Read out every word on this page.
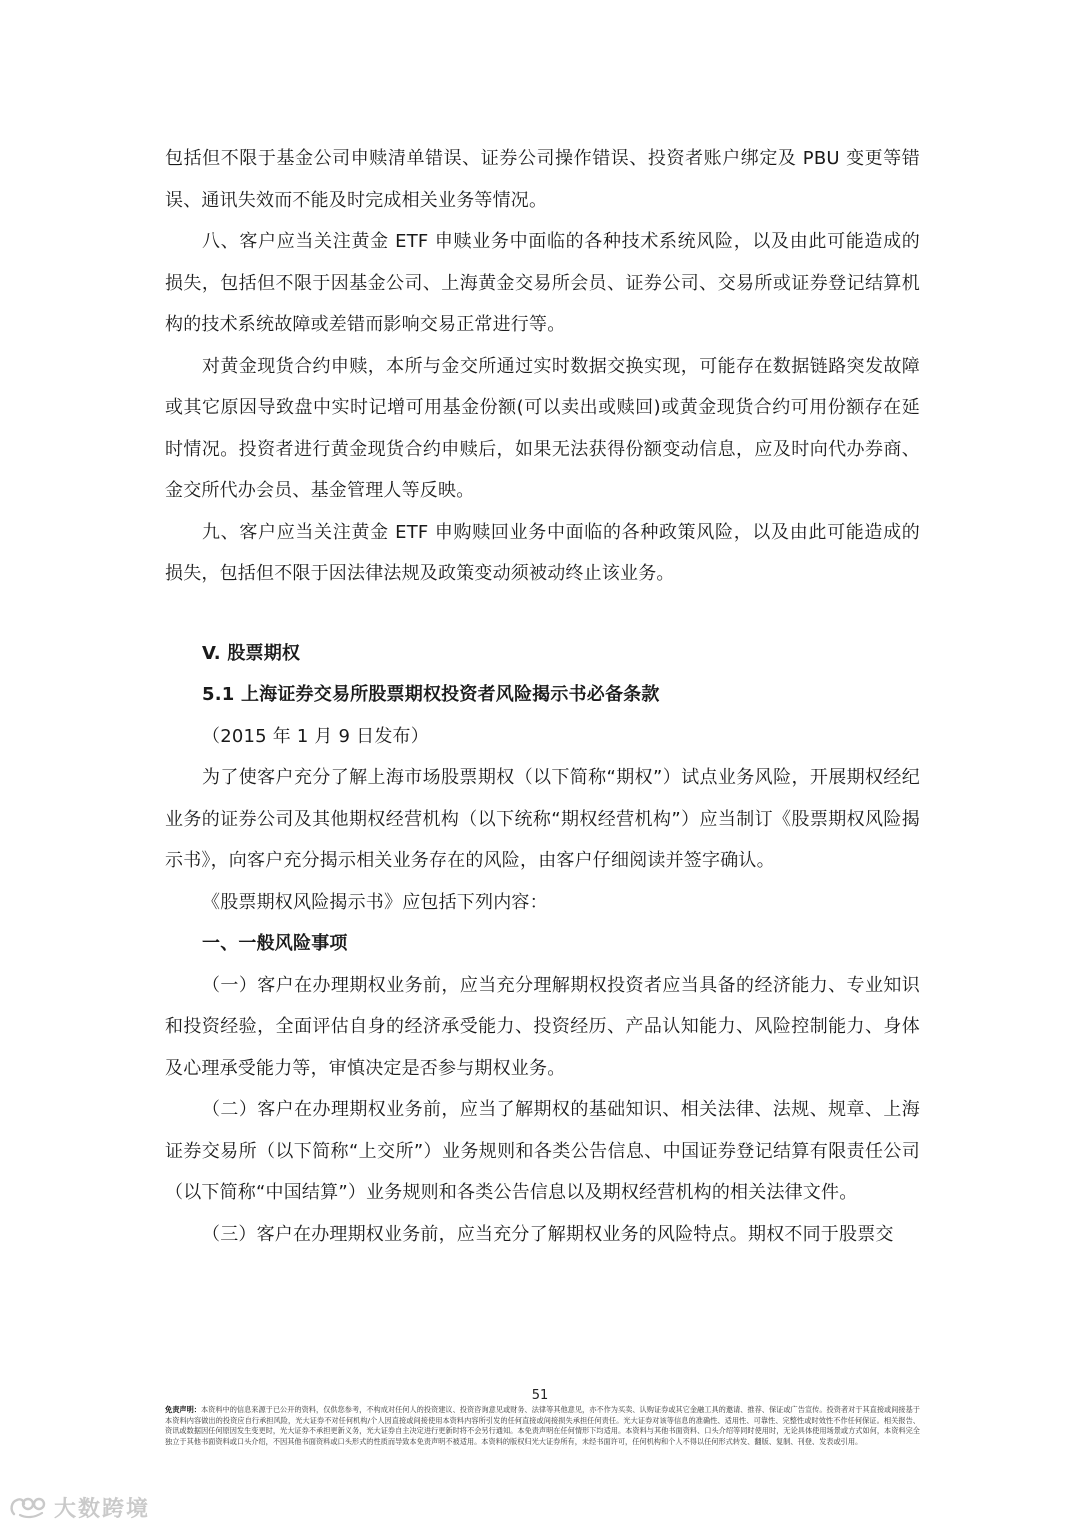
包括但不限于基金公司申赎清单错误、证券公司操作错误、投资者账户绑定及 PBU 变更等错误、通讯失效而不能及时完成相关业务等情况。

八、客户应当关注黄金 ETF 申赎业务中面临的各种技术系统风险，以及由此可能造成的损失，包括但不限于因基金公司、上海黄金交易所会员、证券公司、交易所或证券登记结算机构的技术系统故障或差错而影响交易正常进行等。

对黄金现货合约申赎，本所与金交所通过实时数据交换实现，可能存在数据链路突发故障或其它原因导致盘中实时记增可用基金份额(可以卖出或赎回)或黄金现货合约可用份额存在延时情况。投资者进行黄金现货合约申赎后，如果无法获得份额变动信息，应及时向代办券商、金交所代办会员、基金管理人等反映。

九、客户应当关注黄金 ETF 申购赎回业务中面临的各种政策风险，以及由此可能造成的损失，包括但不限于因法律法规及政策变动须被动终止该业务。

V. 股票期权

5.1 上海证券交易所股票期权投资者风险揭示书必备条款

（2015 年 1 月 9 日发布）

为了使客户充分了解上海市场股票期权（以下简称“期权”）试点业务风险，开展期权经纪业务的证券公司及其他期权经营机构（以下统称“期权经营机构”）应当制订《股票期权风险揭示书》，向客户充分揭示相关业务存在的风险，由客户仔细阅读并签字确认。

《股票期权风险揭示书》应包括下列内容：

一、一般风险事项

（一）客户在办理期权业务前，应当充分理解期权投资者应当具备的经济能力、专业知识和投资经验，全面评估自身的经济承受能力、投资经历、产品认知能力、风险控制能力、身体及心理承受能力等，审慎决定是否参与期权业务。

（二）客户在办理期权业务前，应当了解期权的基础知识、相关法律、法规、规章、上海证券交易所（以下简称“上交所”）业务规则和各类公告信息、中国证券登记结算有限责任公司（以下简称“中国结算”）业务规则和各类公告信息以及期权经营机构的相关法律文件。

（三）客户在办理期权业务前，应当充分了解期权业务的风险特点。期权不同于股票交

51
免责声明：本资料中的信息来源于已公开的资料，仅供您参考，不构成对任何人的投资建议、投资咨询意见或财务、法律等其他意见，亦不作为买卖、认购证券或其它金融工具的邀请、推荐、保证或广告宣传。投资者对于其直接或间接基于本资料内容做出的投资应自行承担风险，光大证券不对任何机构/个人因直接或间接使用本资料内容所引发的任何直接或间接损失承担任何责任。光大证券对该等信息的准确性、适用性、可靠性、完整性或时效性不作任何保证。相关报告、资讯或数据因任何原因发生变更时，光大证券不承担更新义务，光大证券自主决定进行更新时将不会另行通知。本免责声明在任何情形下均适用。本资料与其他书面资料、口头介绍等同时使用时，无论具体使用场景或方式如何，本资料完全独立于其他书面资料或口头介绍，不因其他书面资料或口头形式的性质而导致本免责声明不被适用。本资料的版权归光大证券所有，未经书面许可，任何机构和个人不得以任何形式转发、翻版、复制、刊登、发表或引用。
大数跨境
